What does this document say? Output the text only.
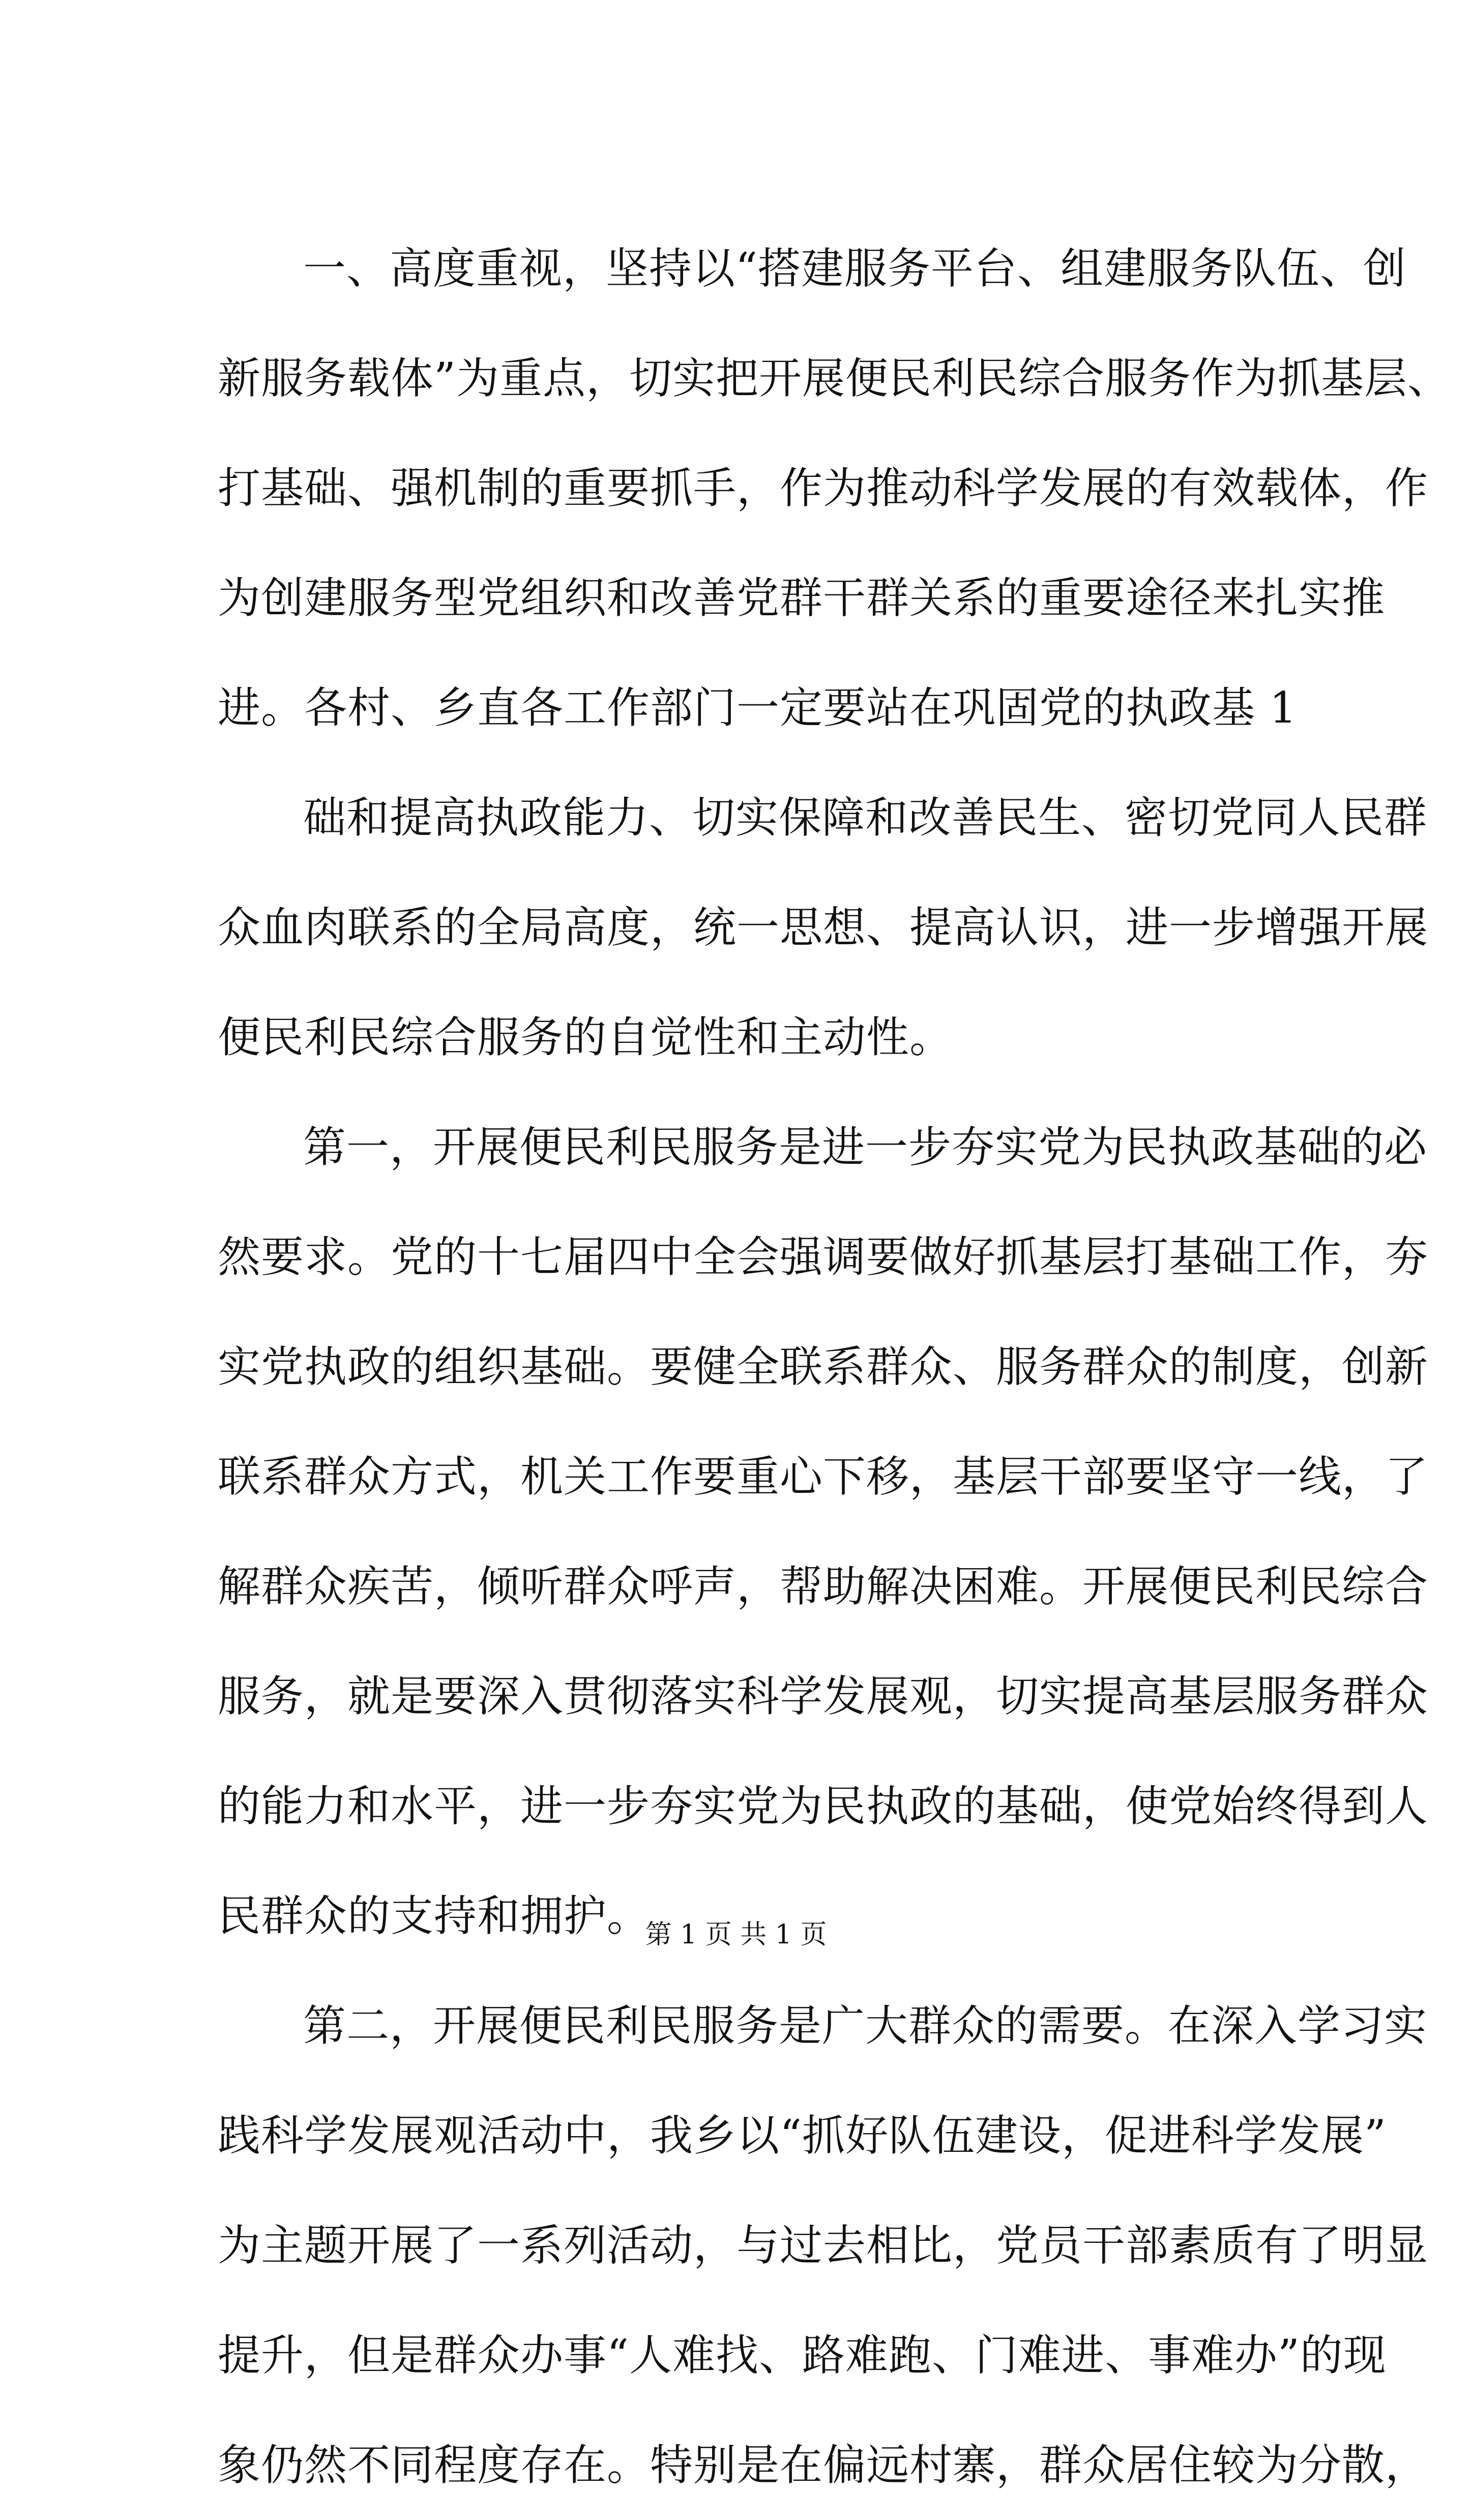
一、高度重视，坚持以“搭建服务平台、组建服务队伍、创
新服务载体”为重点，切实把开展便民利民综合服务作为抓基层、
打基础、强机制的重要抓手，作为推动科学发展的有效载体，作
为创建服务型党组织和改善党群干群关系的重要途径来扎实推
进。各村、乡直各工作部门一定要站在巩固党的执政基 1
础和提高执政能力、切实保障和改善民生、密切党同人民群
众血肉联系的全局高度，统一思想、提高认识，进一步增强开展
便民利民综合服务的自觉性和主动性。
第一，开展便民利民服务是进一步夯实党为民执政基础的必
然要求。党的十七届四中全会强调要做好抓基层打基础工作，夯
实党执政的组织基础。要健全联系群众、服务群众的制度，创新
联系群众方式，机关工作要重心下移，基层干部要坚守一线，了
解群众疾苦，倾听群众呼声，帮助解决困难。开展便民利民综合
服务，就是要深入贯彻落实科学发展观，切实提高基层服务群众
的能力和水平，进一步夯实党为民执政的基础，使党始终得到人
民群众的支持和拥护。
第二，开展便民利民服务是广大群众的需要。在深入学习实
践科学发展观活动中，我乡以“抓好队伍建设，促进科学发展”
为主题开展了一系列活动，与过去相比，党员干部素质有了明显
提升，但是群众办事“人难找、路难跑、门难进、事难办”的现
象仍然不同程度存在。特别是在偏远村寨，群众居住较为分散，
第 1 页 共 1 页
